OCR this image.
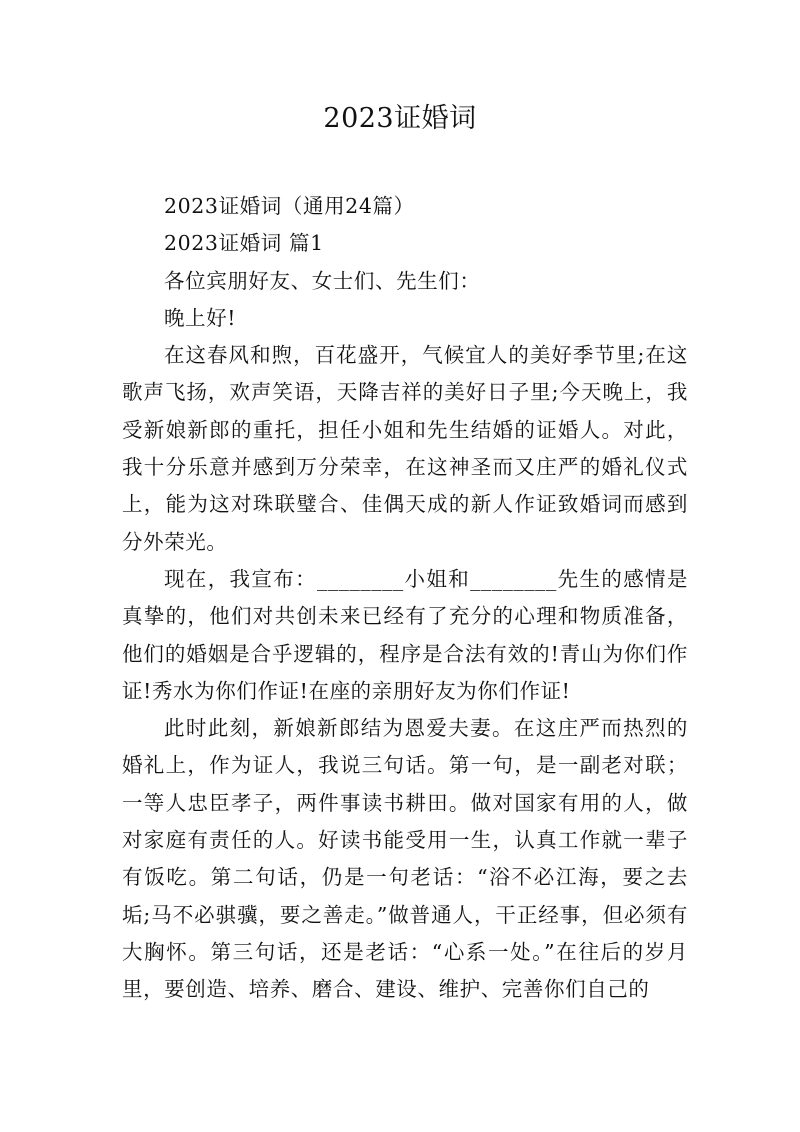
2023证婚词

2023证婚词（通用24篇）

2023证婚词 篇1

各位宾朋好友、女士们、先生们：

晚上好!

在这春风和煦，百花盛开，气候宜人的美好季节里;在这歌声飞扬，欢声笑语，天降吉祥的美好日子里;今天晚上，我受新娘新郎的重托，担任小姐和先生结婚的证婚人。对此，我十分乐意并感到万分荣幸，在这神圣而又庄严的婚礼仪式上，能为这对珠联璧合、佳偶天成的新人作证致婚词而感到分外荣光。

现在，我宣布：________小姐和________先生的感情是真挚的，他们对共创未来已经有了充分的心理和物质准备，他们的婚姻是合乎逻辑的，程序是合法有效的!青山为你们作证!秀水为你们作证!在座的亲朋好友为你们作证!

此时此刻，新娘新郎结为恩爱夫妻。在这庄严而热烈的婚礼上，作为证人，我说三句话。第一句，是一副老对联；一等人忠臣孝子，两件事读书耕田。做对国家有用的人，做对家庭有责任的人。好读书能受用一生，认真工作就一辈子有饭吃。第二句话，仍是一句老话：“浴不必江海，要之去垢;马不必骐骥，要之善走。”做普通人，干正经事，但必须有大胸怀。第三句话，还是老话：“心系一处。”在往后的岁月里，要创造、培养、磨合、建设、维护、完善你们自己的
